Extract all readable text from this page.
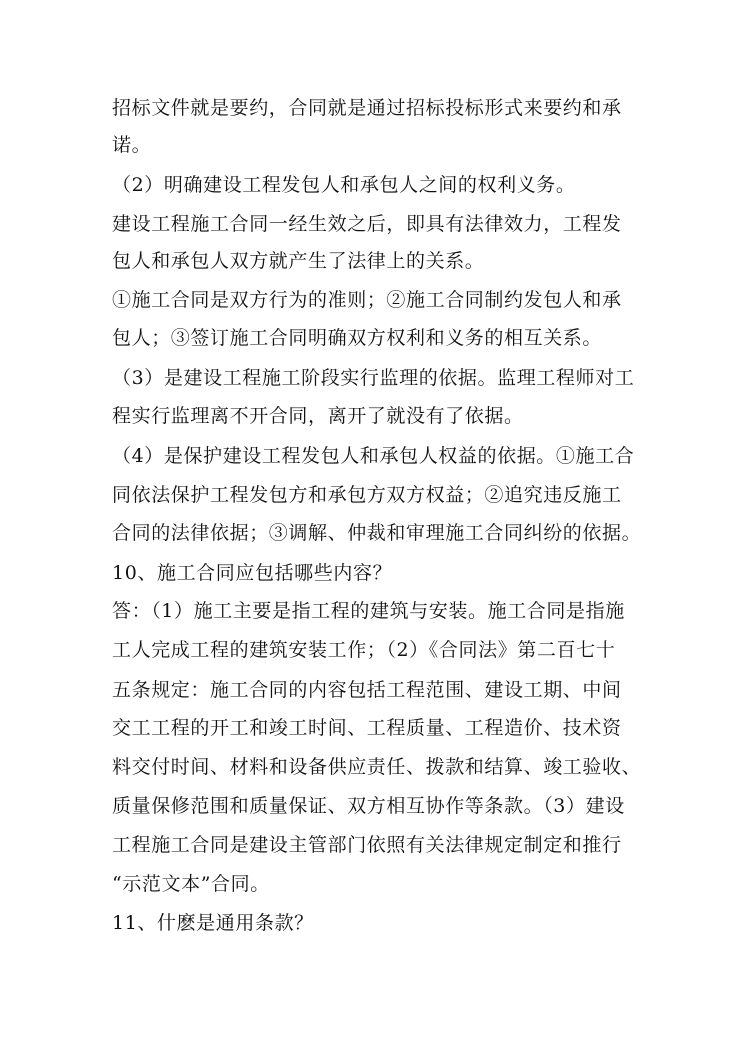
招标文件就是要约，合同就是通过招标投标形式来要约和承
诺。
（2）明确建设工程发包人和承包人之间的权利义务。
建设工程施工合同一经生效之后，即具有法律效力，工程发
包人和承包人双方就产生了法律上的关系。
①施工合同是双方行为的准则；②施工合同制约发包人和承
包人；③签订施工合同明确双方权利和义务的相互关系。
（3）是建设工程施工阶段实行监理的依据。监理工程师对工
程实行监理离不开合同，离开了就没有了依据。
（4）是保护建设工程发包人和承包人权益的依据。①施工合
同依法保护工程发包方和承包方双方权益；②追究违反施工
合同的法律依据；③调解、仲裁和审理施工合同纠纷的依据。
10、施工合同应包括哪些内容？
答：（1）施工主要是指工程的建筑与安装。施工合同是指施
工人完成工程的建筑安装工作；（2）《合同法》第二百七十
五条规定：施工合同的内容包括工程范围、建设工期、中间
交工工程的开工和竣工时间、工程质量、工程造价、技术资
料交付时间、材料和设备供应责任、拨款和结算、竣工验收、
质量保修范围和质量保证、双方相互协作等条款。（3）建设
工程施工合同是建设主管部门依照有关法律规定制定和推行
“示范文本”合同。
11、什麽是通用条款？
